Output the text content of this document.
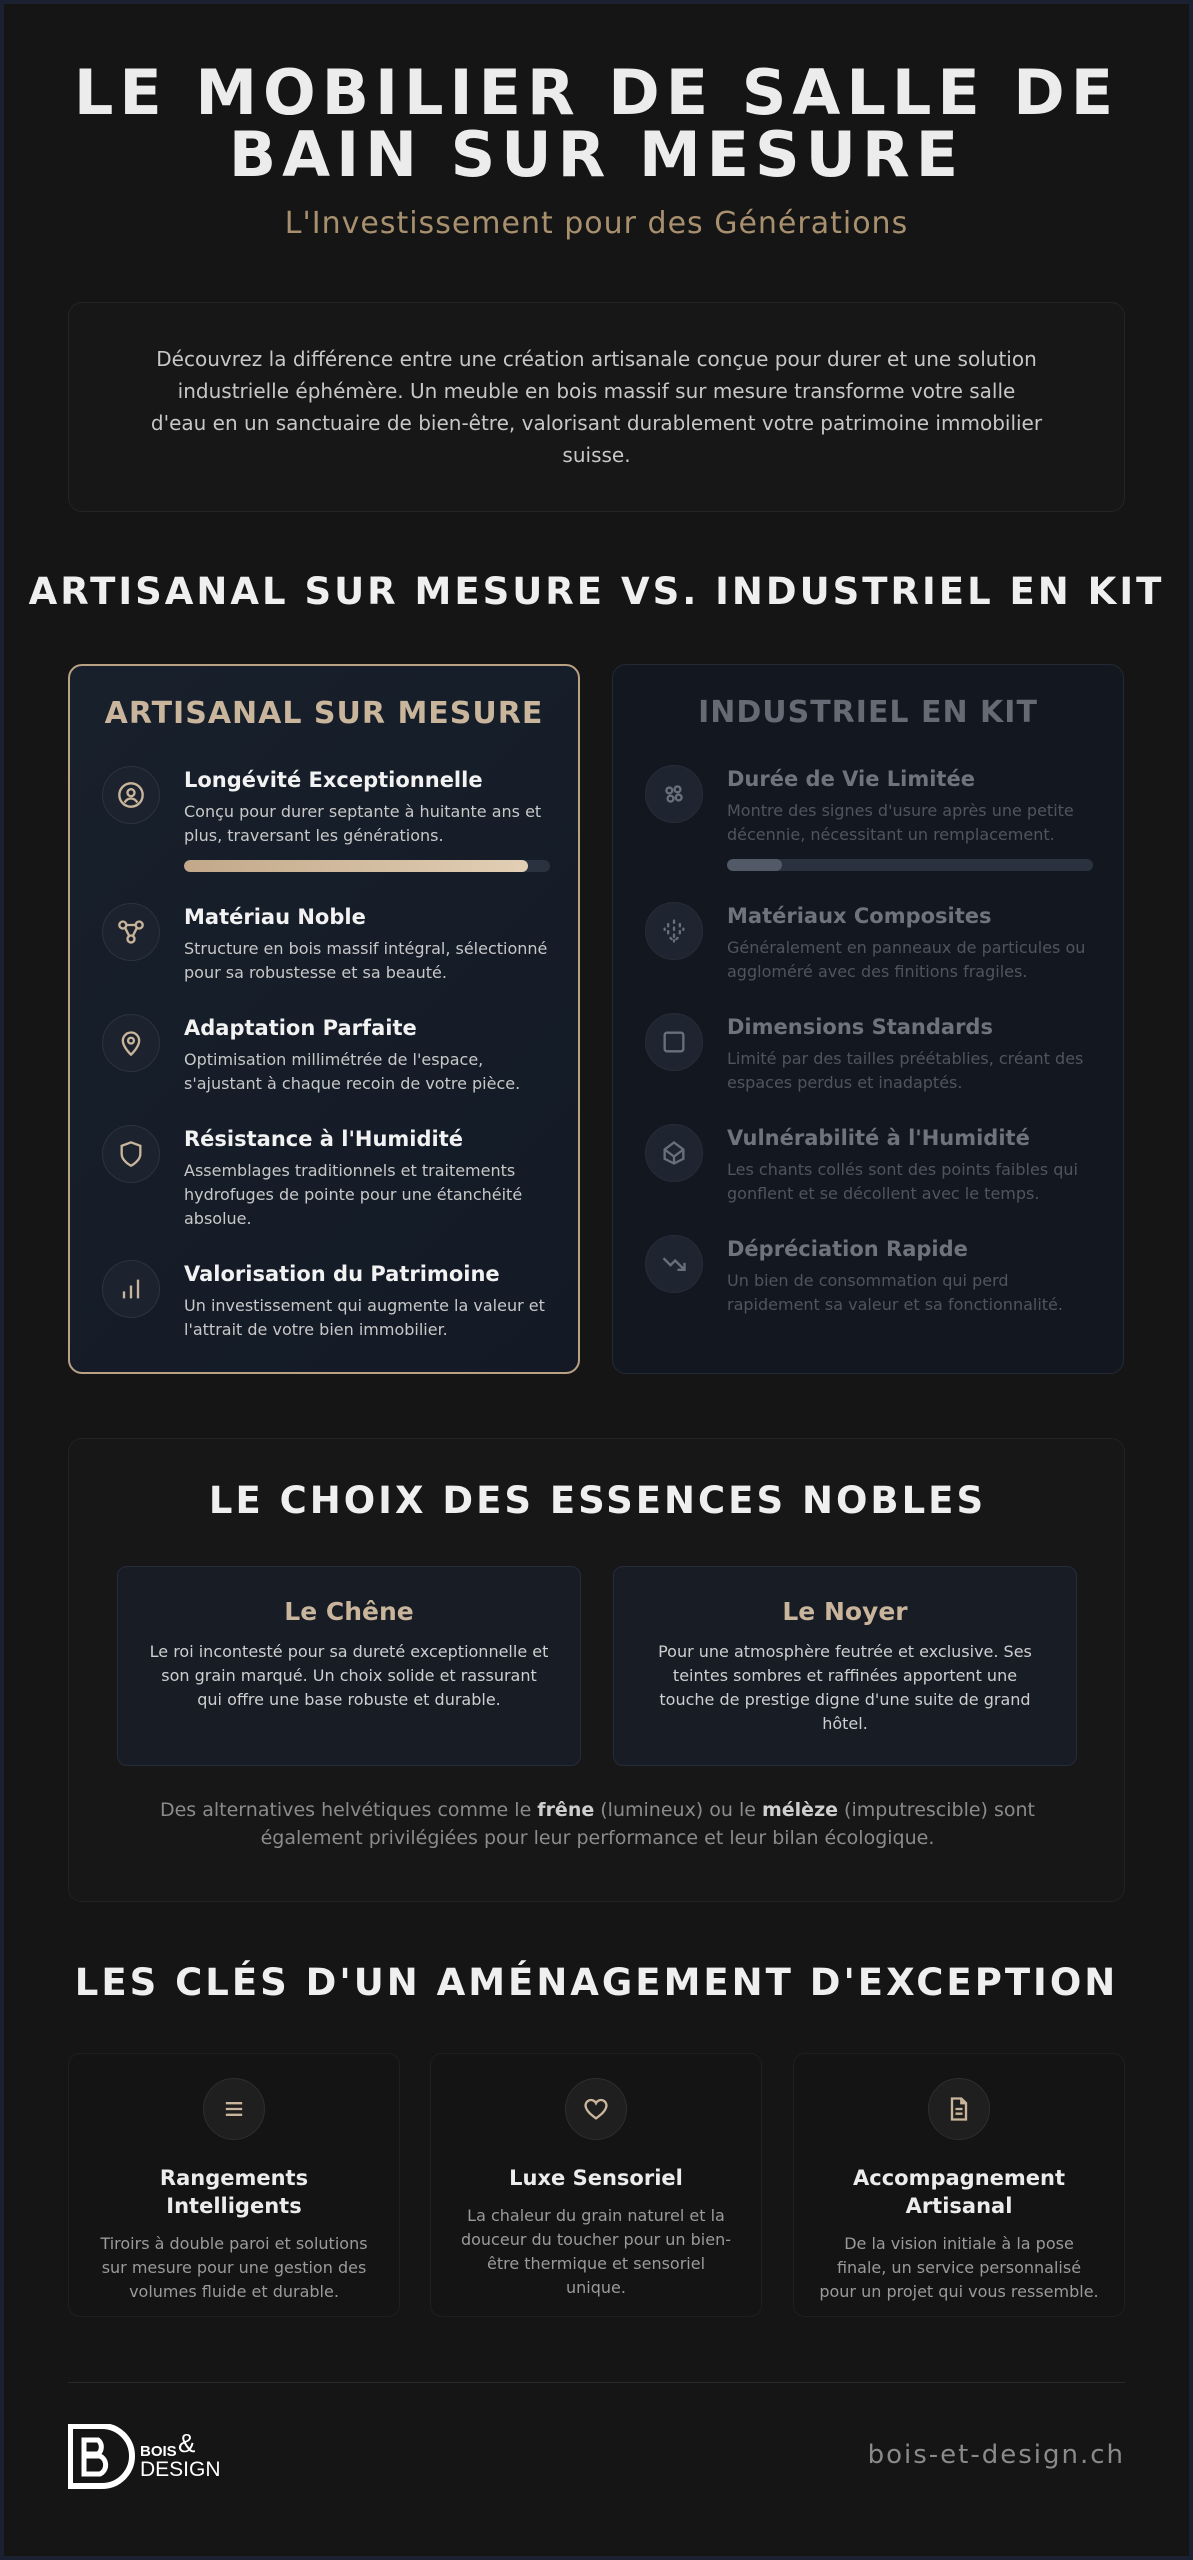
LE MOBILIER DE SALLE DE
BAIN SUR MESURE
L'Investissement pour des Générations

Découvrez la différence entre une création artisanale conçue pour durer et une solution industrielle éphémère. Un meuble en bois massif sur mesure transforme votre salle d'eau en un sanctuaire de bien-être, valorisant durablement votre patrimoine immobilier suisse.

ARTISANAL SUR MESURE VS. INDUSTRIEL EN KIT
ARTISANAL SUR MESURE
Longévité Exceptionnelle

Conçu pour durer septante à huitante ans et plus, traversant les générations.

Matériau Noble

Structure en bois massif intégral, sélectionné pour sa robustesse et sa beauté.

Adaptation Parfaite

Optimisation millimétrée de l'espace, s'ajustant à chaque recoin de votre pièce.

Résistance à l'Humidité

Assemblages traditionnels et traitements hydrofuges de pointe pour une étanchéité absolue.

Valorisation du Patrimoine

Un investissement qui augmente la valeur et l'attrait de votre bien immobilier.

INDUSTRIEL EN KIT
Durée de Vie Limitée

Montre des signes d'usure après une petite décennie, nécessitant un remplacement.

Matériaux Composites

Généralement en panneaux de particules ou aggloméré avec des finitions fragiles.

Dimensions Standards

Limité par des tailles préétablies, créant des espaces perdus et inadaptés.

Vulnérabilité à l'Humidité

Les chants collés sont des points faibles qui gonflent et se décollent avec le temps.

Dépréciation Rapide

Un bien de consommation qui perd rapidement sa valeur et sa fonctionnalité.

LE CHOIX DES ESSENCES NOBLES
Le Chêne

Le roi incontesté pour sa dureté exceptionnelle et son grain marqué. Un choix solide et rassurant qui offre une base robuste et durable.

Le Noyer

Pour une atmosphère feutrée et exclusive. Ses teintes sombres et raffinées apportent une touche de prestige digne d'une suite de grand hôtel.

Des alternatives helvétiques comme le frêne (lumineux) ou le mélèze (imputrescible) sont également privilégiées pour leur performance et leur bilan écologique.

LES CLÉS D'UN AMÉNAGEMENT D'EXCEPTION
Rangements Intelligents

Tiroirs à double paroi et solutions sur mesure pour une gestion des volumes fluide et durable.

Luxe Sensoriel

La chaleur du grain naturel et la douceur du toucher pour un bien-être thermique et sensoriel unique.

Accompagnement Artisanal

De la vision initiale à la pose finale, un service personnalisé pour un projet qui vous ressemble.

BOIS &
DESIGN	bois-et-design.ch
